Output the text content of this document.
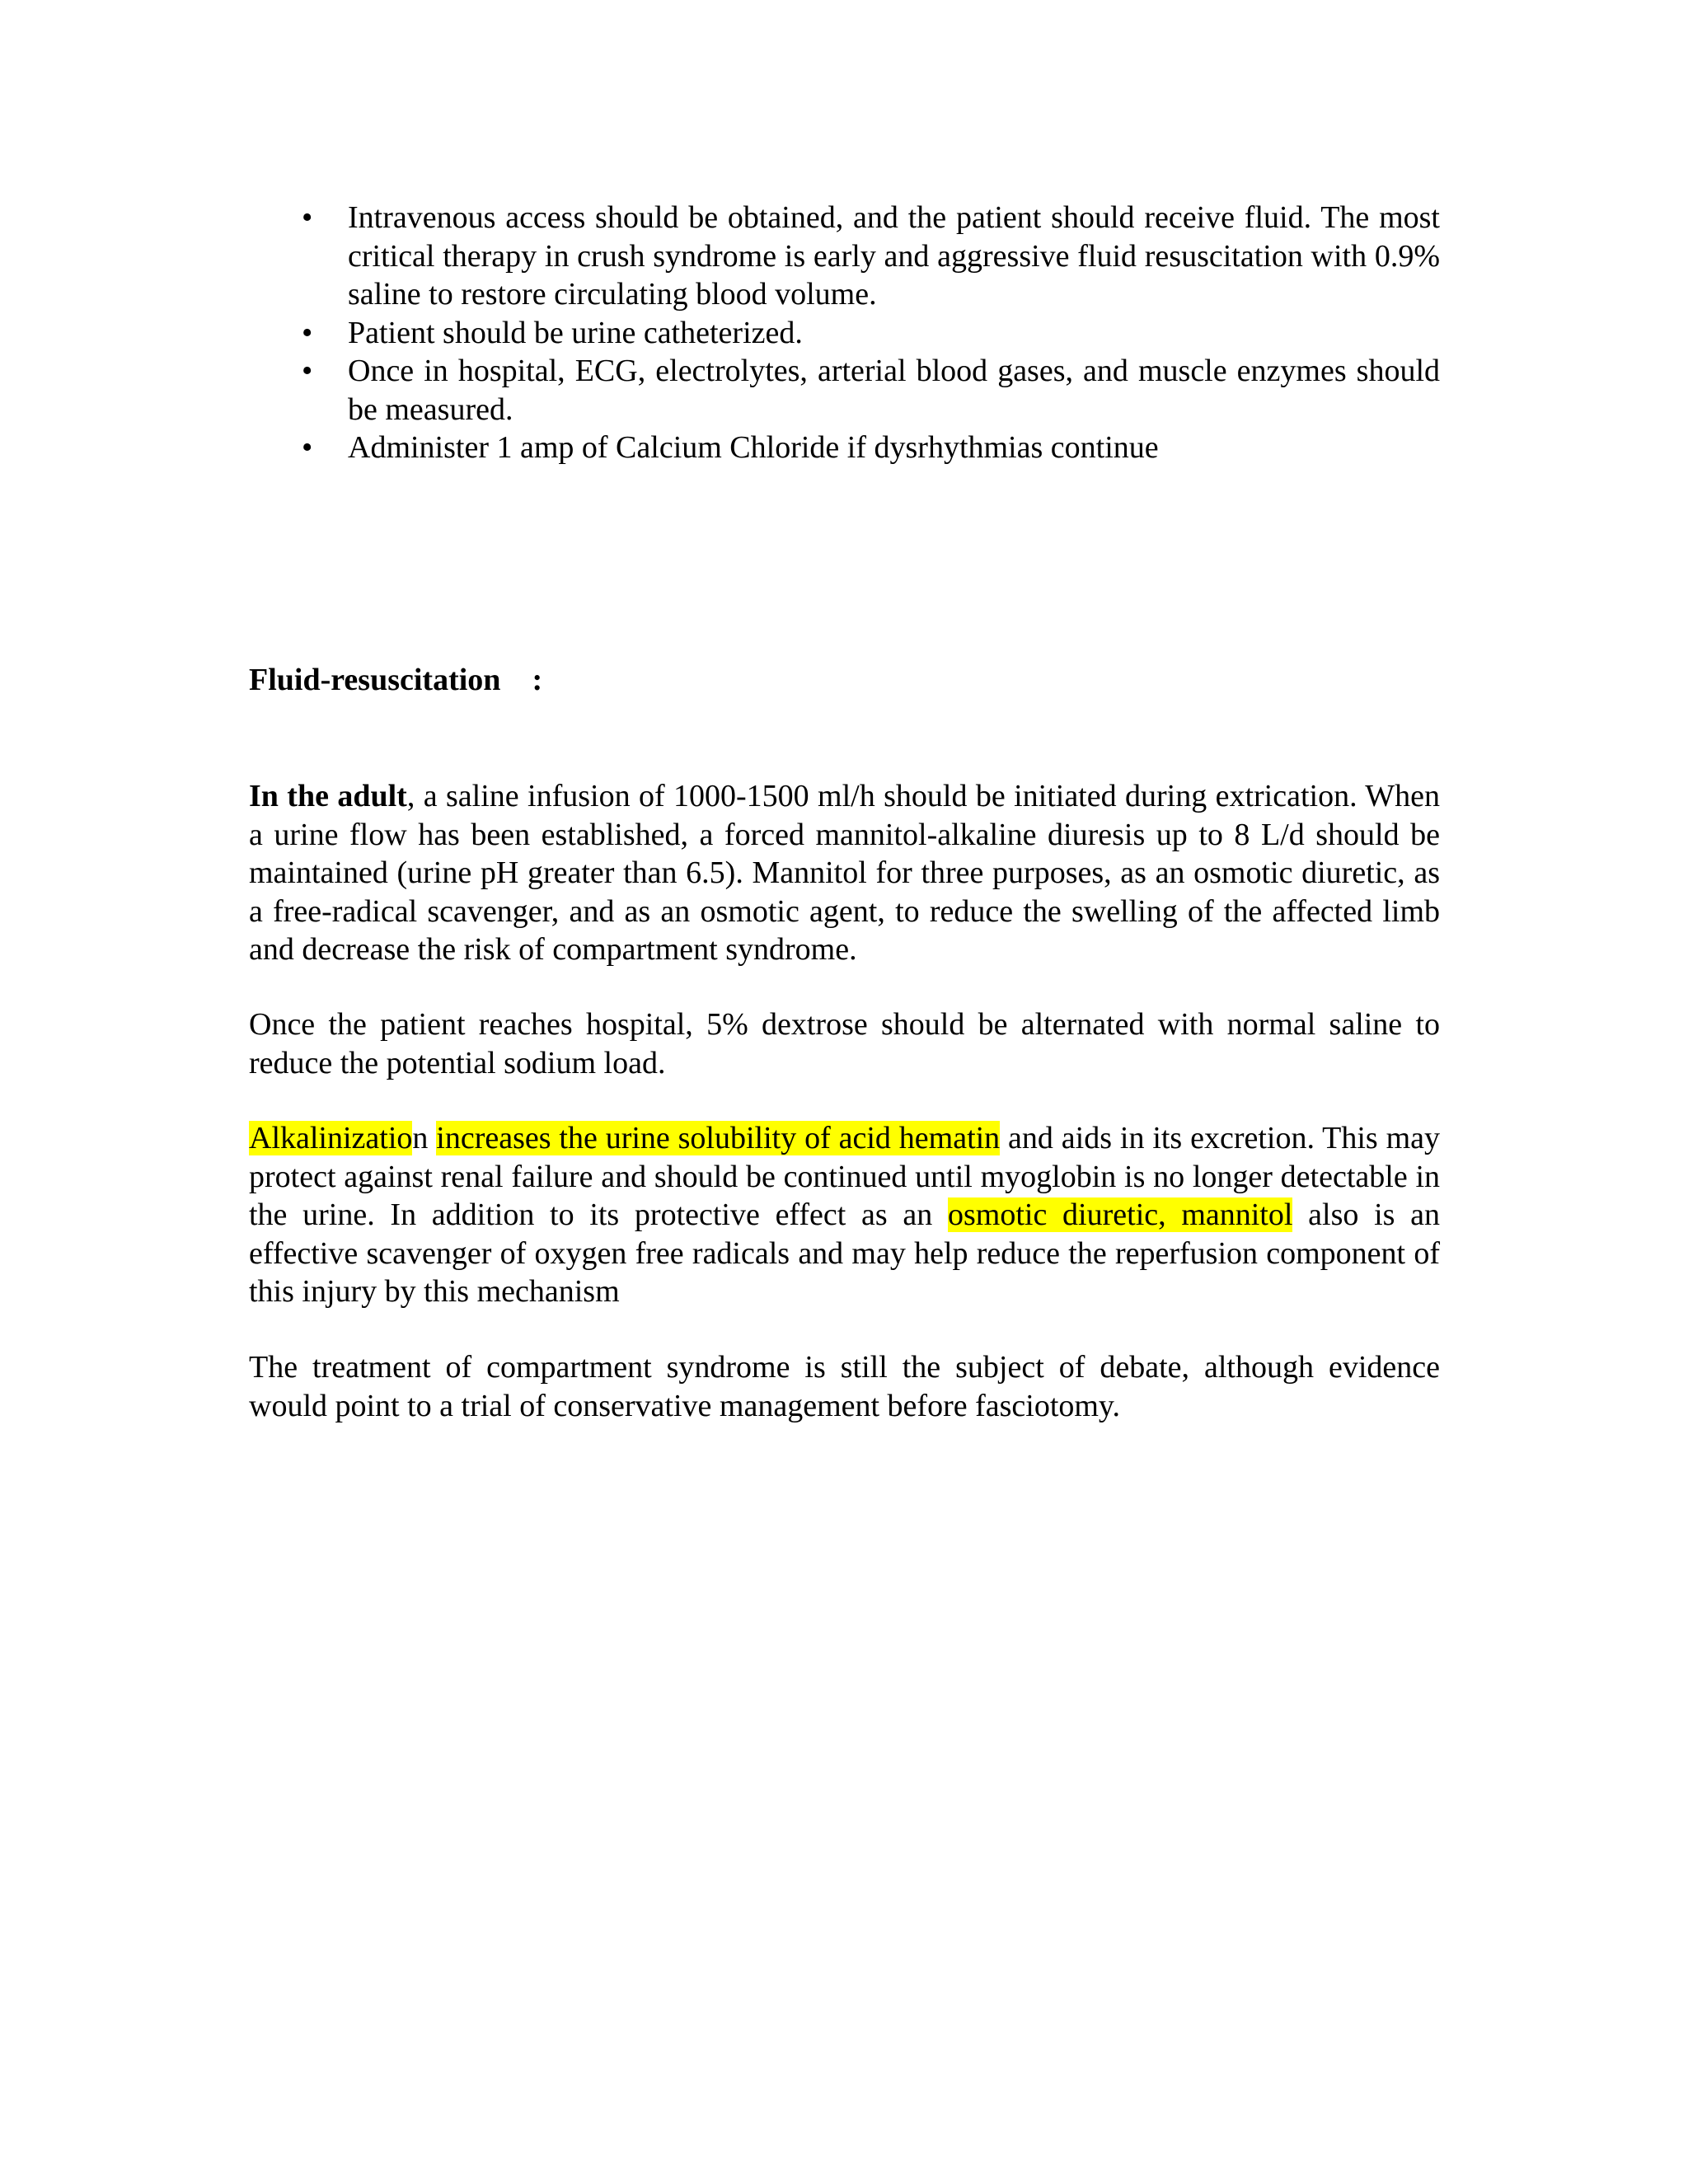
•	Intravenous access should be obtained, and the patient should receive fluid. The most critical therapy in crush syndrome is early and aggressive fluid resuscitation with 0.9% saline to restore circulating blood volume.
•	Patient should be urine catheterized.
•	Once in hospital, ECG, electrolytes, arterial blood gases, and muscle enzymes should be measured.
•	Administer 1 amp of Calcium Chloride if dysrhythmias continue
Fluid-resuscitation    :

In the adult, a saline infusion of 1000-1500 ml/h should be initiated during extrication. When a urine flow has been established, a forced mannitol-alkaline diuresis up to 8 L/d should be maintained (urine pH greater than 6.5). Mannitol for three purposes, as an osmotic diuretic, as a free-radical scavenger, and as an osmotic agent, to reduce the swelling of the affected limb and decrease the risk of compartment syndrome.

Once the patient reaches hospital, 5% dextrose should be alternated with normal saline to reduce the potential sodium load.

Alkalinization increases the urine solubility of acid hematin and aids in its excretion. This may protect against renal failure and should be continued until myoglobin is no longer detectable in the urine. In addition to its protective effect as an osmotic diuretic, mannitol also is an effective scavenger of oxygen free radicals and may help reduce the reperfusion component of this injury by this mechanism

The treatment of compartment syndrome is still the subject of debate, although evidence would point to a trial of conservative management before fasciotomy.
